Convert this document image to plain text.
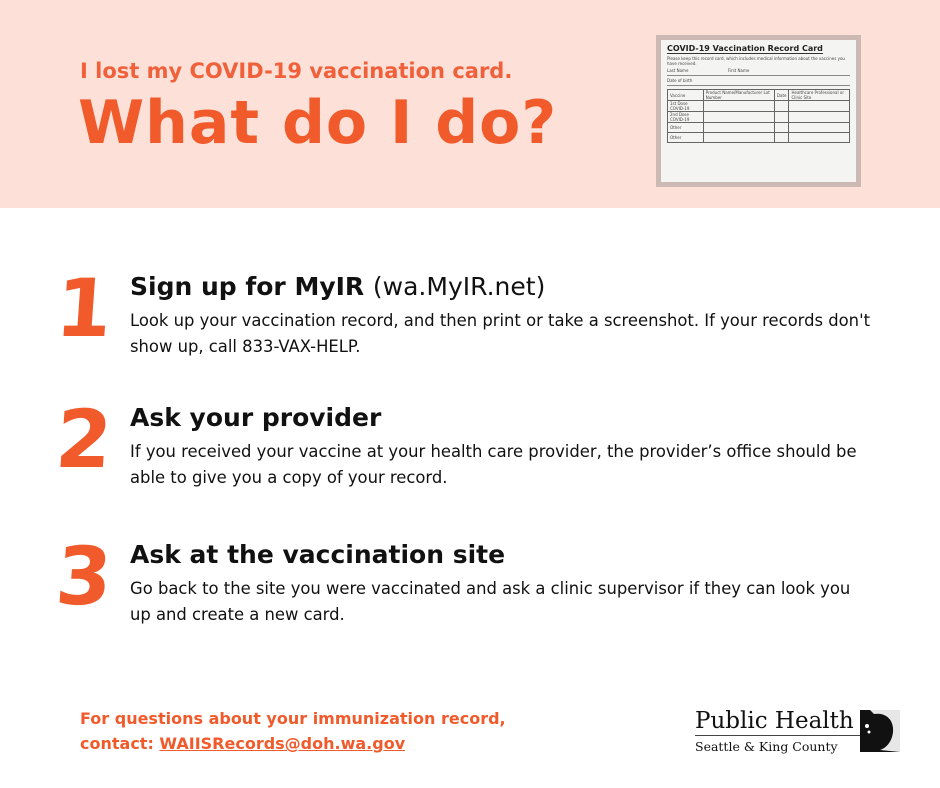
I lost my COVID-19 vaccination card.
What do I do?
COVID-19 Vaccination Record Card
Please keep this record card, which includes medical information about the vaccines you have received.
Last Name	First Name
Date of birth
Vaccine	Product Name/Manufacturer Lot Number	Date	Healthcare Professional or Clinic Site
1st Dose COVID-19			
2nd Dose COVID-19			
Other			
Other			
1 Sign up for MyIR (wa.MyIR.net)
Look up your vaccination record, and then print or take a screenshot. If your records don't show up, call 833-VAX-HELP.
2 Ask your provider
If you received your vaccine at your health care provider, the provider’s office should be able to give you a copy of your record.
3 Ask at the vaccination site
Go back to the site you were vaccinated and ask a clinic supervisor if they can look you up and create a new card.
For questions about your immunization record,
contact: WAIISRecords@doh.wa.gov
Public Health
Seattle & King County
